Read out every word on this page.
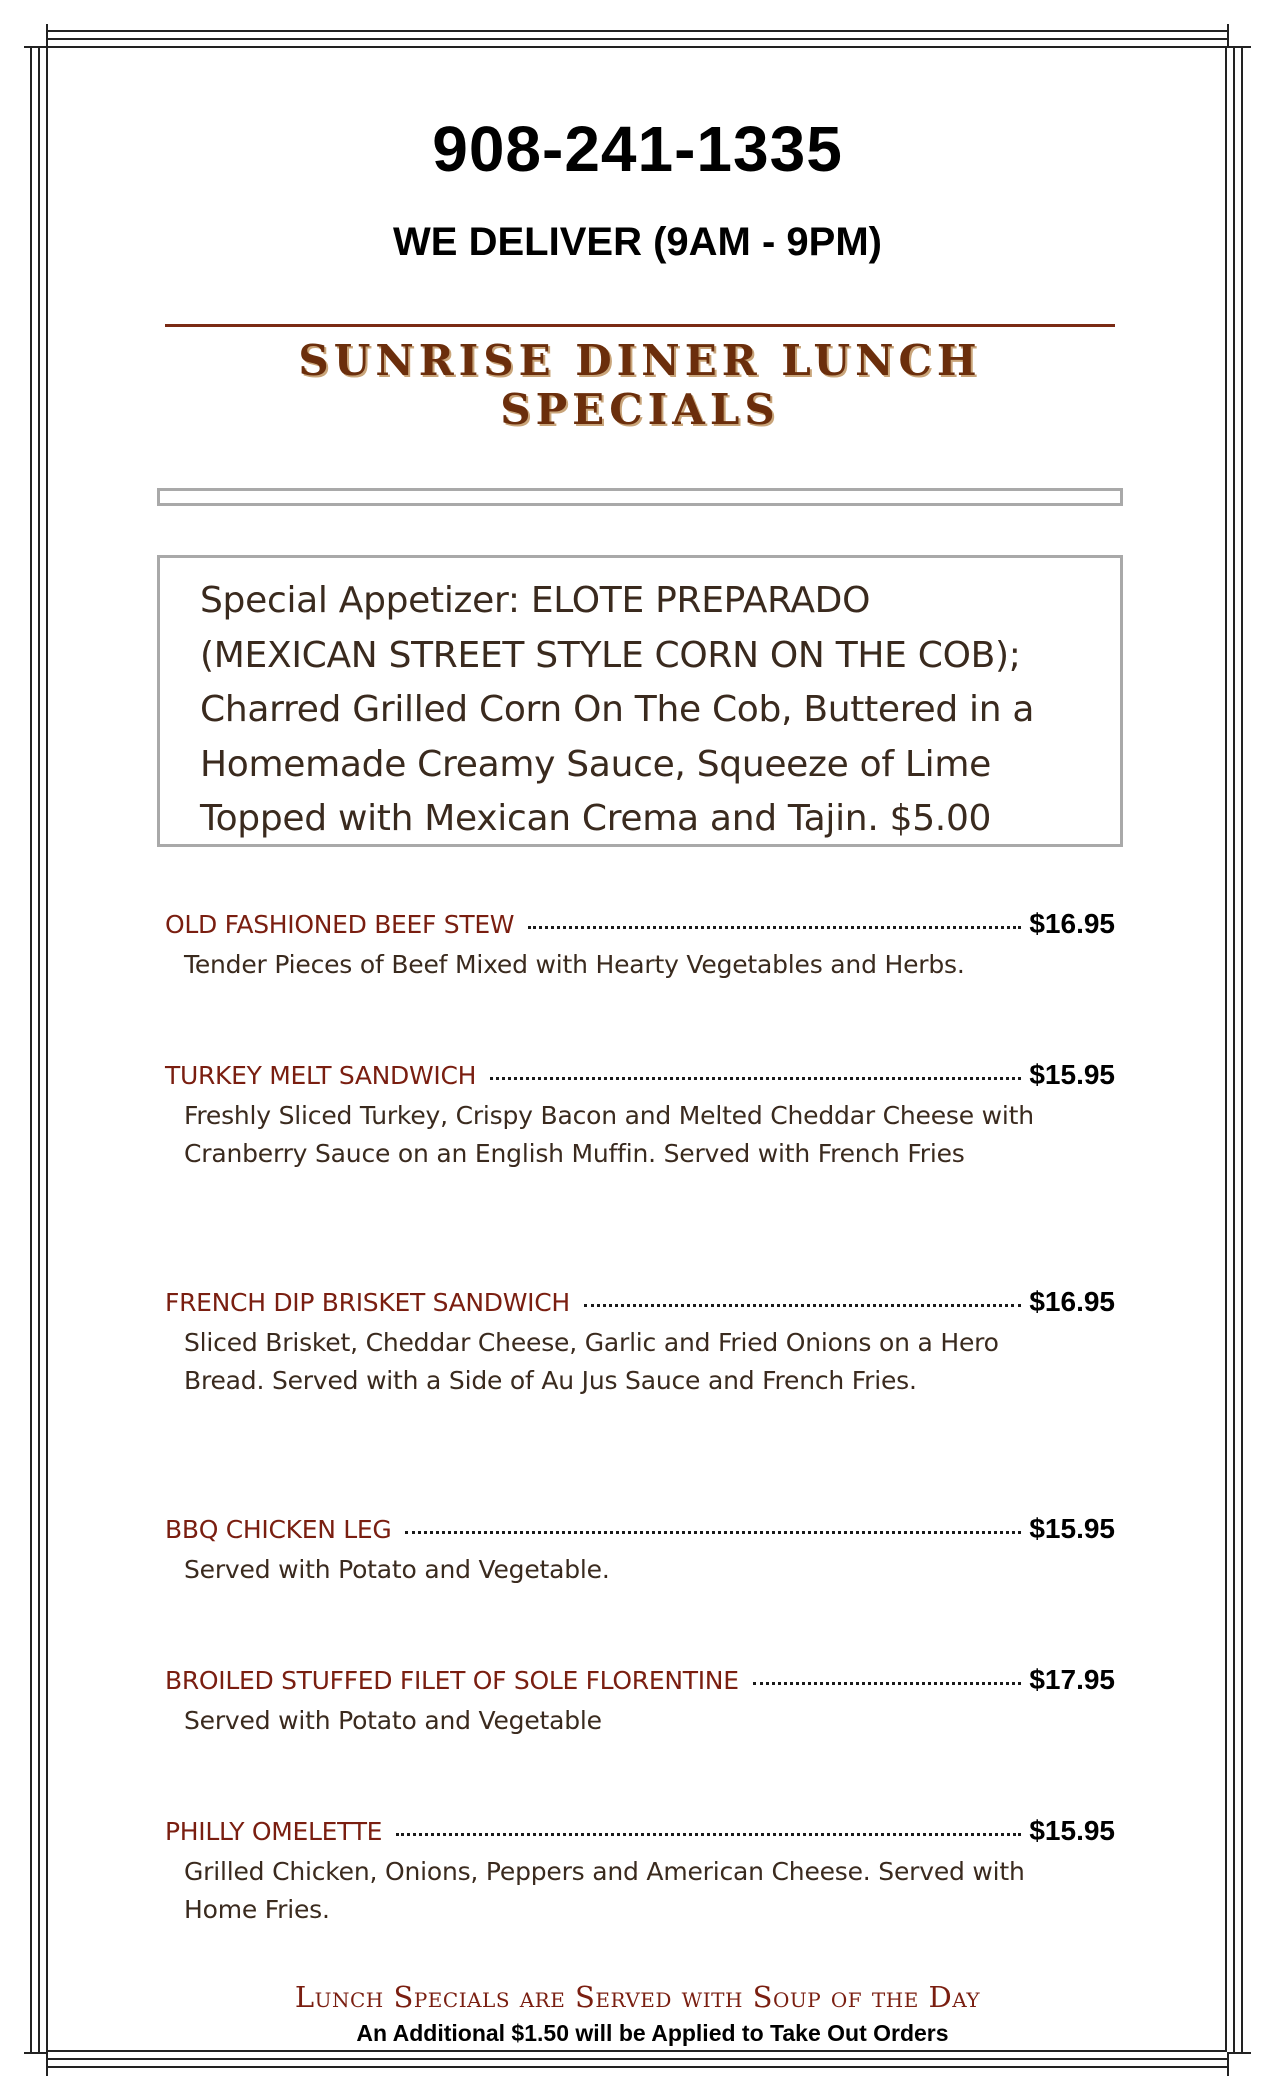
908-241-1335
WE DELIVER (9AM - 9PM)
SUNRISE DINER LUNCH SPECIALS

Special Appetizer: ELOTE PREPARADO

(MEXICAN STREET STYLE CORN ON THE COB);

Charred Grilled Corn On The Cob, Buttered in a

Homemade Creamy Sauce, Squeeze of Lime

Topped with Mexican Crema and Tajin. $5.00

OLD FASHIONED BEEF STEW	$16.95
Tender Pieces of Beef Mixed with Hearty Vegetables and Herbs.
TURKEY MELT SANDWICH	$15.95
Freshly Sliced Turkey, Crispy Bacon and Melted Cheddar Cheese with Cranberry Sauce on an English Muffin. Served with French Fries
FRENCH DIP BRISKET SANDWICH	$16.95
Sliced Brisket, Cheddar Cheese, Garlic and Fried Onions on a Hero Bread. Served with a Side of Au Jus Sauce and French Fries.
BBQ CHICKEN LEG	$15.95
Served with Potato and Vegetable.
BROILED STUFFED FILET OF SOLE FLORENTINE	$17.95
Served with Potato and Vegetable
PHILLY OMELETTE	$15.95
Grilled Chicken, Onions, Peppers and American Cheese. Served with Home Fries.
Lunch Specials are Served with Soup of the Day
An Additional $1.50 will be Applied to Take Out Orders
